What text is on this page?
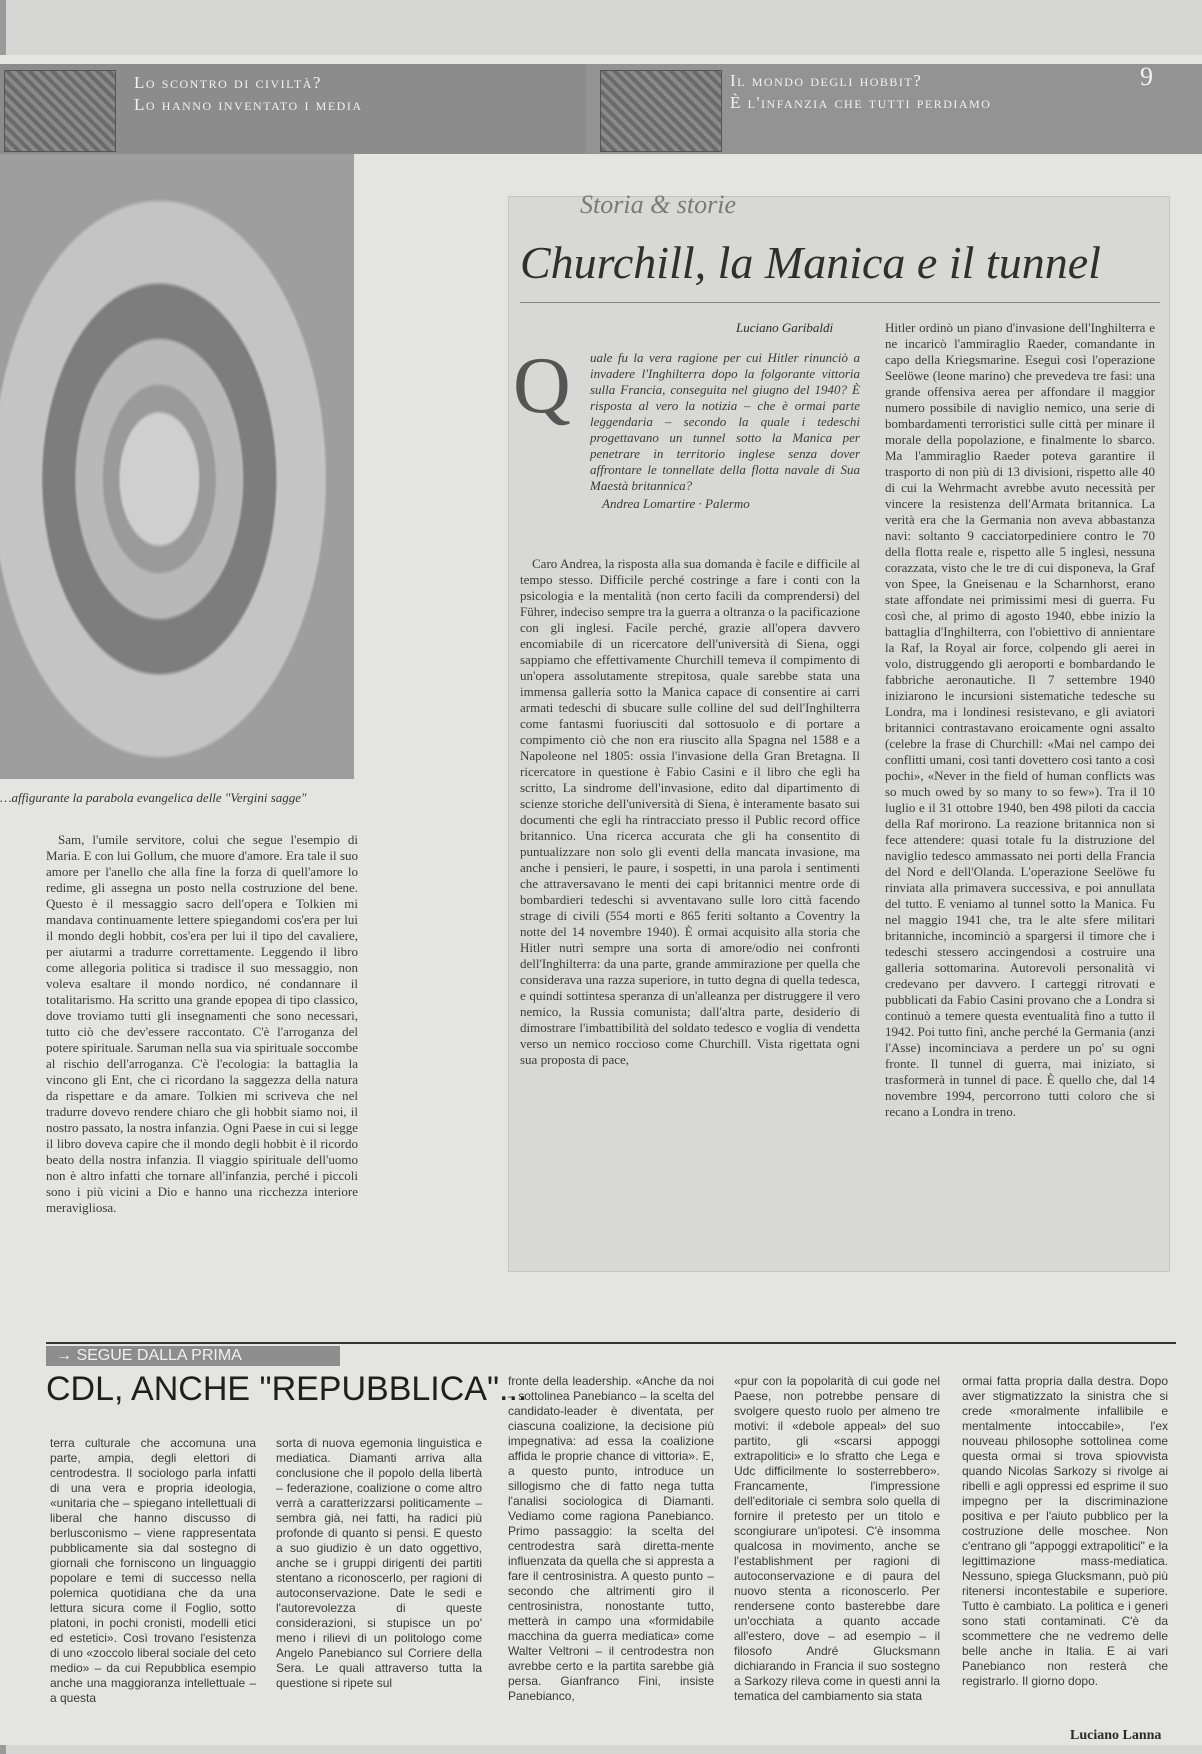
Lo scontro di civiltà?
Lo hanno inventato i media
Il mondo degli hobbit?
È l'infanzia che tutti perdiamo
9
…affigurante la parabola evangelica delle "Vergini sagge"

Sam, l'umile servitore, colui che segue l'esempio di Maria. E con lui Gollum, che muore d'amore. Era tale il suo amore per l'anello che alla fine la forza di quell'amore lo redime, gli assegna un posto nella costruzione del bene. Questo è il messaggio sacro dell'opera e Tolkien mi mandava continuamente lettere spiegandomi cos'era per lui il mondo degli hobbit, cos'era per lui il tipo del cavaliere, per aiutarmi a tradurre correttamente. Leggendo il libro come allegoria politica si tradisce il suo messaggio, non voleva esaltare il mondo nordico, né condannare il totalitarismo. Ha scritto una grande epopea di tipo classico, dove troviamo tutti gli insegnamenti che sono necessari, tutto ciò che dev'essere raccontato. C'è l'arroganza del potere spirituale. Saruman nella sua via spirituale soccombe al rischio dell'arroganza. C'è l'ecologia: la battaglia la vincono gli Ent, che ci ricordano la saggezza della natura da rispettare e da amare. Tolkien mi scriveva che nel tradurre dovevo rendere chiaro che gli hobbit siamo noi, il nostro passato, la nostra infanzia. Ogni Paese in cui si legge il libro doveva capire che il mondo degli hobbit è il ricordo beato della nostra infanzia. Il viaggio spirituale dell'uomo non è altro infatti che tornare all'infanzia, perché i piccoli sono i più vicini a Dio e hanno una ricchezza interiore meravigliosa.

Storia & storie
Churchill, la Manica e il tunnel
Luciano Garibaldi
Q uale fu la vera ragione per cui Hitler rinunciò a invadere l'Inghilterra dopo la folgorante vittoria sulla Francia, conseguita nel giugno del 1940? È risposta al vero la notizia – che è ormai parte leggendaria – secondo la quale i tedeschi progettavano un tunnel sotto la Manica per penetrare in territorio inglese senza dover affrontare le tonnellate della flotta navale di Sua Maestà britannica?

Andrea Lomartire · Palermo

Caro Andrea, la risposta alla sua domanda è facile e difficile al tempo stesso. Difficile perché costringe a fare i conti con la psicologia e la mentalità (non certo facili da comprendersi) del Führer, indeciso sempre tra la guerra a oltranza o la pacificazione con gli inglesi. Facile perché, grazie all'opera davvero encomiabile di un ricercatore dell'università di Siena, oggi sappiamo che effettivamente Churchill temeva il compimento di un'opera assolutamente strepitosa, quale sarebbe stata una immensa galleria sotto la Manica capace di consentire ai carri armati tedeschi di sbucare sulle colline del sud dell'Inghilterra come fantasmi fuoriusciti dal sottosuolo e di portare a compimento ciò che non era riuscito alla Spagna nel 1588 e a Napoleone nel 1805: ossia l'invasione della Gran Bretagna. Il ricercatore in questione è Fabio Casini e il libro che egli ha scritto, La sindrome dell'invasione, edito dal dipartimento di scienze storiche dell'università di Siena, è interamente basato sui documenti che egli ha rintracciato presso il Public record office britannico. Una ricerca accurata che gli ha consentito di puntualizzare non solo gli eventi della mancata invasione, ma anche i pensieri, le paure, i sospetti, in una parola i sentimenti che attraversavano le menti dei capi britannici mentre orde di bombardieri tedeschi si avventavano sulle loro città facendo strage di civili (554 morti e 865 feriti soltanto a Coventry la notte del 14 novembre 1940). È ormai acquisito alla storia che Hitler nutrì sempre una sorta di amore/odio nei confronti dell'Inghilterra: da una parte, grande ammirazione per quella che considerava una razza superiore, in tutto degna di quella tedesca, e quindi sottintesa speranza di un'alleanza per distruggere il vero nemico, la Russia comunista; dall'altra parte, desiderio di dimostrare l'imbattibilità del soldato tedesco e voglia di vendetta verso un nemico roccioso come Churchill. Vista rigettata ogni sua proposta di pace,

Hitler ordinò un piano d'invasione dell'Inghilterra e ne incaricò l'ammiraglio Raeder, comandante in capo della Kriegsmarine. Eseguì così l'operazione Seelöwe (leone marino) che prevedeva tre fasi: una grande offensiva aerea per affondare il maggior numero possibile di naviglio nemico, una serie di bombardamenti terroristici sulle città per minare il morale della popolazione, e finalmente lo sbarco. Ma l'ammiraglio Raeder poteva garantire il trasporto di non più di 13 divisioni, rispetto alle 40 di cui la Wehrmacht avrebbe avuto necessità per vincere la resistenza dell'Armata britannica. La verità era che la Germania non aveva abbastanza navi: soltanto 9 cacciatorpediniere contro le 70 della flotta reale e, rispetto alle 5 inglesi, nessuna corazzata, visto che le tre di cui disponeva, la Graf von Spee, la Gneisenau e la Scharnhorst, erano state affondate nei primissimi mesi di guerra. Fu così che, al primo di agosto 1940, ebbe inizio la battaglia d'Inghilterra, con l'obiettivo di annientare la Raf, la Royal air force, colpendo gli aerei in volo, distruggendo gli aeroporti e bombardando le fabbriche aeronautiche. Il 7 settembre 1940 iniziarono le incursioni sistematiche tedesche su Londra, ma i londinesi resistevano, e gli aviatori britannici contrastavano eroicamente ogni assalto (celebre la frase di Churchill: «Mai nel campo dei conflitti umani, così tanti dovettero così tanto a così pochi», «Never in the field of human conflicts was so much owed by so many to so few»). Tra il 10 luglio e il 31 ottobre 1940, ben 498 piloti da caccia della Raf morirono. La reazione britannica non si fece attendere: quasi totale fu la distruzione del naviglio tedesco ammassato nei porti della Francia del Nord e dell'Olanda. L'operazione Seelöwe fu rinviata alla primavera successiva, e poi annullata del tutto. E veniamo al tunnel sotto la Manica. Fu nel maggio 1941 che, tra le alte sfere militari britanniche, incominciò a spargersi il timore che i tedeschi stessero accingendosi a costruire una galleria sottomarina. Autorevoli personalità vi credevano per davvero. I carteggi ritrovati e pubblicati da Fabio Casini provano che a Londra si continuò a temere questa eventualità fino a tutto il 1942. Poi tutto finì, anche perché la Germania (anzi l'Asse) incominciava a perdere un po' su ogni fronte. Il tunnel di guerra, mai iniziato, si trasformerà in tunnel di pace. È quello che, dal 14 novembre 1994, percorrono tutti coloro che si recano a Londra in treno.

→ SEGUE DALLA PRIMA
CDL, ANCHE "REPUBBLICA"...
terra culturale che accomuna una parte, ampia, degli elettori di centrodestra. Il sociologo parla infatti di una vera e propria ideologia, «unitaria che – spiegano intellettuali di liberal che hanno discusso di berlusconismo – viene rappresentata pubblicamente sia dal sostegno di giornali che forniscono un linguaggio popolare e temi di successo nella polemica quotidiana che da una lettura sicura come il Foglio, sotto platoni, in pochi cronisti, modelli etici ed estetici». Così trovano l'esistenza di uno «zoccolo liberal sociale del ceto medio» – da cui Repubblica esempio anche una maggioranza intellettuale – a questa
sorta di nuova egemonia linguistica e mediatica. Diamanti arriva alla conclusione che il popolo della libertà – federazione, coalizione o come altro verrà a caratterizzarsi politicamente – sembra già, nei fatti, ha radici più profonde di quanto si pensi. E questo a suo giudizio è un dato oggettivo, anche se i gruppi dirigenti dei partiti stentano a riconoscerlo, per ragioni di autoconservazione. Date le sedi e l'autorevolezza di queste considerazioni, si stupisce un po' meno i rilievi di un politologo come Angelo Panebianco sul Corriere della Sera. Le quali attraverso tutta la questione si ripete sul
fronte della leadership. «Anche da noi – sottolinea Panebianco – la scelta del candidato-leader è diventata, per ciascuna coalizione, la decisione più impegnativa: ad essa la coalizione affida le proprie chance di vittoria». E, a questo punto, introduce un sillogismo che di fatto nega tutta l'analisi sociologica di Diamanti. Vediamo come ragiona Panebianco. Primo passaggio: la scelta del centrodestra sarà diretta-mente influenzata da quella che si appresta a fare il centrosinistra. A questo punto – secondo che altrimenti giro il centrosinistra, nonostante tutto, metterà in campo una «formidabile macchina da guerra mediatica» come Walter Veltroni – il centrodestra non avrebbe certo e la partita sarebbe già persa. Gianfranco Fini, insiste Panebianco,
«pur con la popolarità di cui gode nel Paese, non potrebbe pensare di svolgere questo ruolo per almeno tre motivi: il «debole appeal» del suo partito, gli «scarsi appoggi extrapolitici» e lo sfratto che Lega e Udc difficilmente lo sosterrebbero». Francamente, l'impressione dell'editoriale ci sembra solo quella di fornire il pretesto per un titolo e scongiurare un'ipotesi. C'è insomma qualcosa in movimento, anche se l'establishment per ragioni di autoconservazione e di paura del nuovo stenta a riconoscerlo. Per rendersene conto basterebbe dare un'occhiata a quanto accade all'estero, dove – ad esempio – il filosofo André Glucksmann dichiarando in Francia il suo sostegno a Sarkozy rileva come in questi anni la tematica del cambiamento sia stata
ormai fatta propria dalla destra. Dopo aver stigmatizzato la sinistra che si crede «moralmente infallibile e mentalmente intoccabile», l'ex nouveau philosophe sottolinea come questa ormai si trova spiovvista quando Nicolas Sarkozy si rivolge ai ribelli e agli oppressi ed esprime il suo impegno per la discriminazione positiva e per l'aiuto pubblico per la costruzione delle moschee. Non c'entrano gli "appoggi extrapolitici" e la legittimazione mass-mediatica. Nessuno, spiega Glucksmann, può più ritenersi incontestabile e superiore. Tutto è cambiato. La politica e i generi sono stati contaminati. C'è da scommettere che ne vedremo delle belle anche in Italia. E ai vari Panebianco non resterà che registrarlo. Il giorno dopo.
Luciano Lanna
